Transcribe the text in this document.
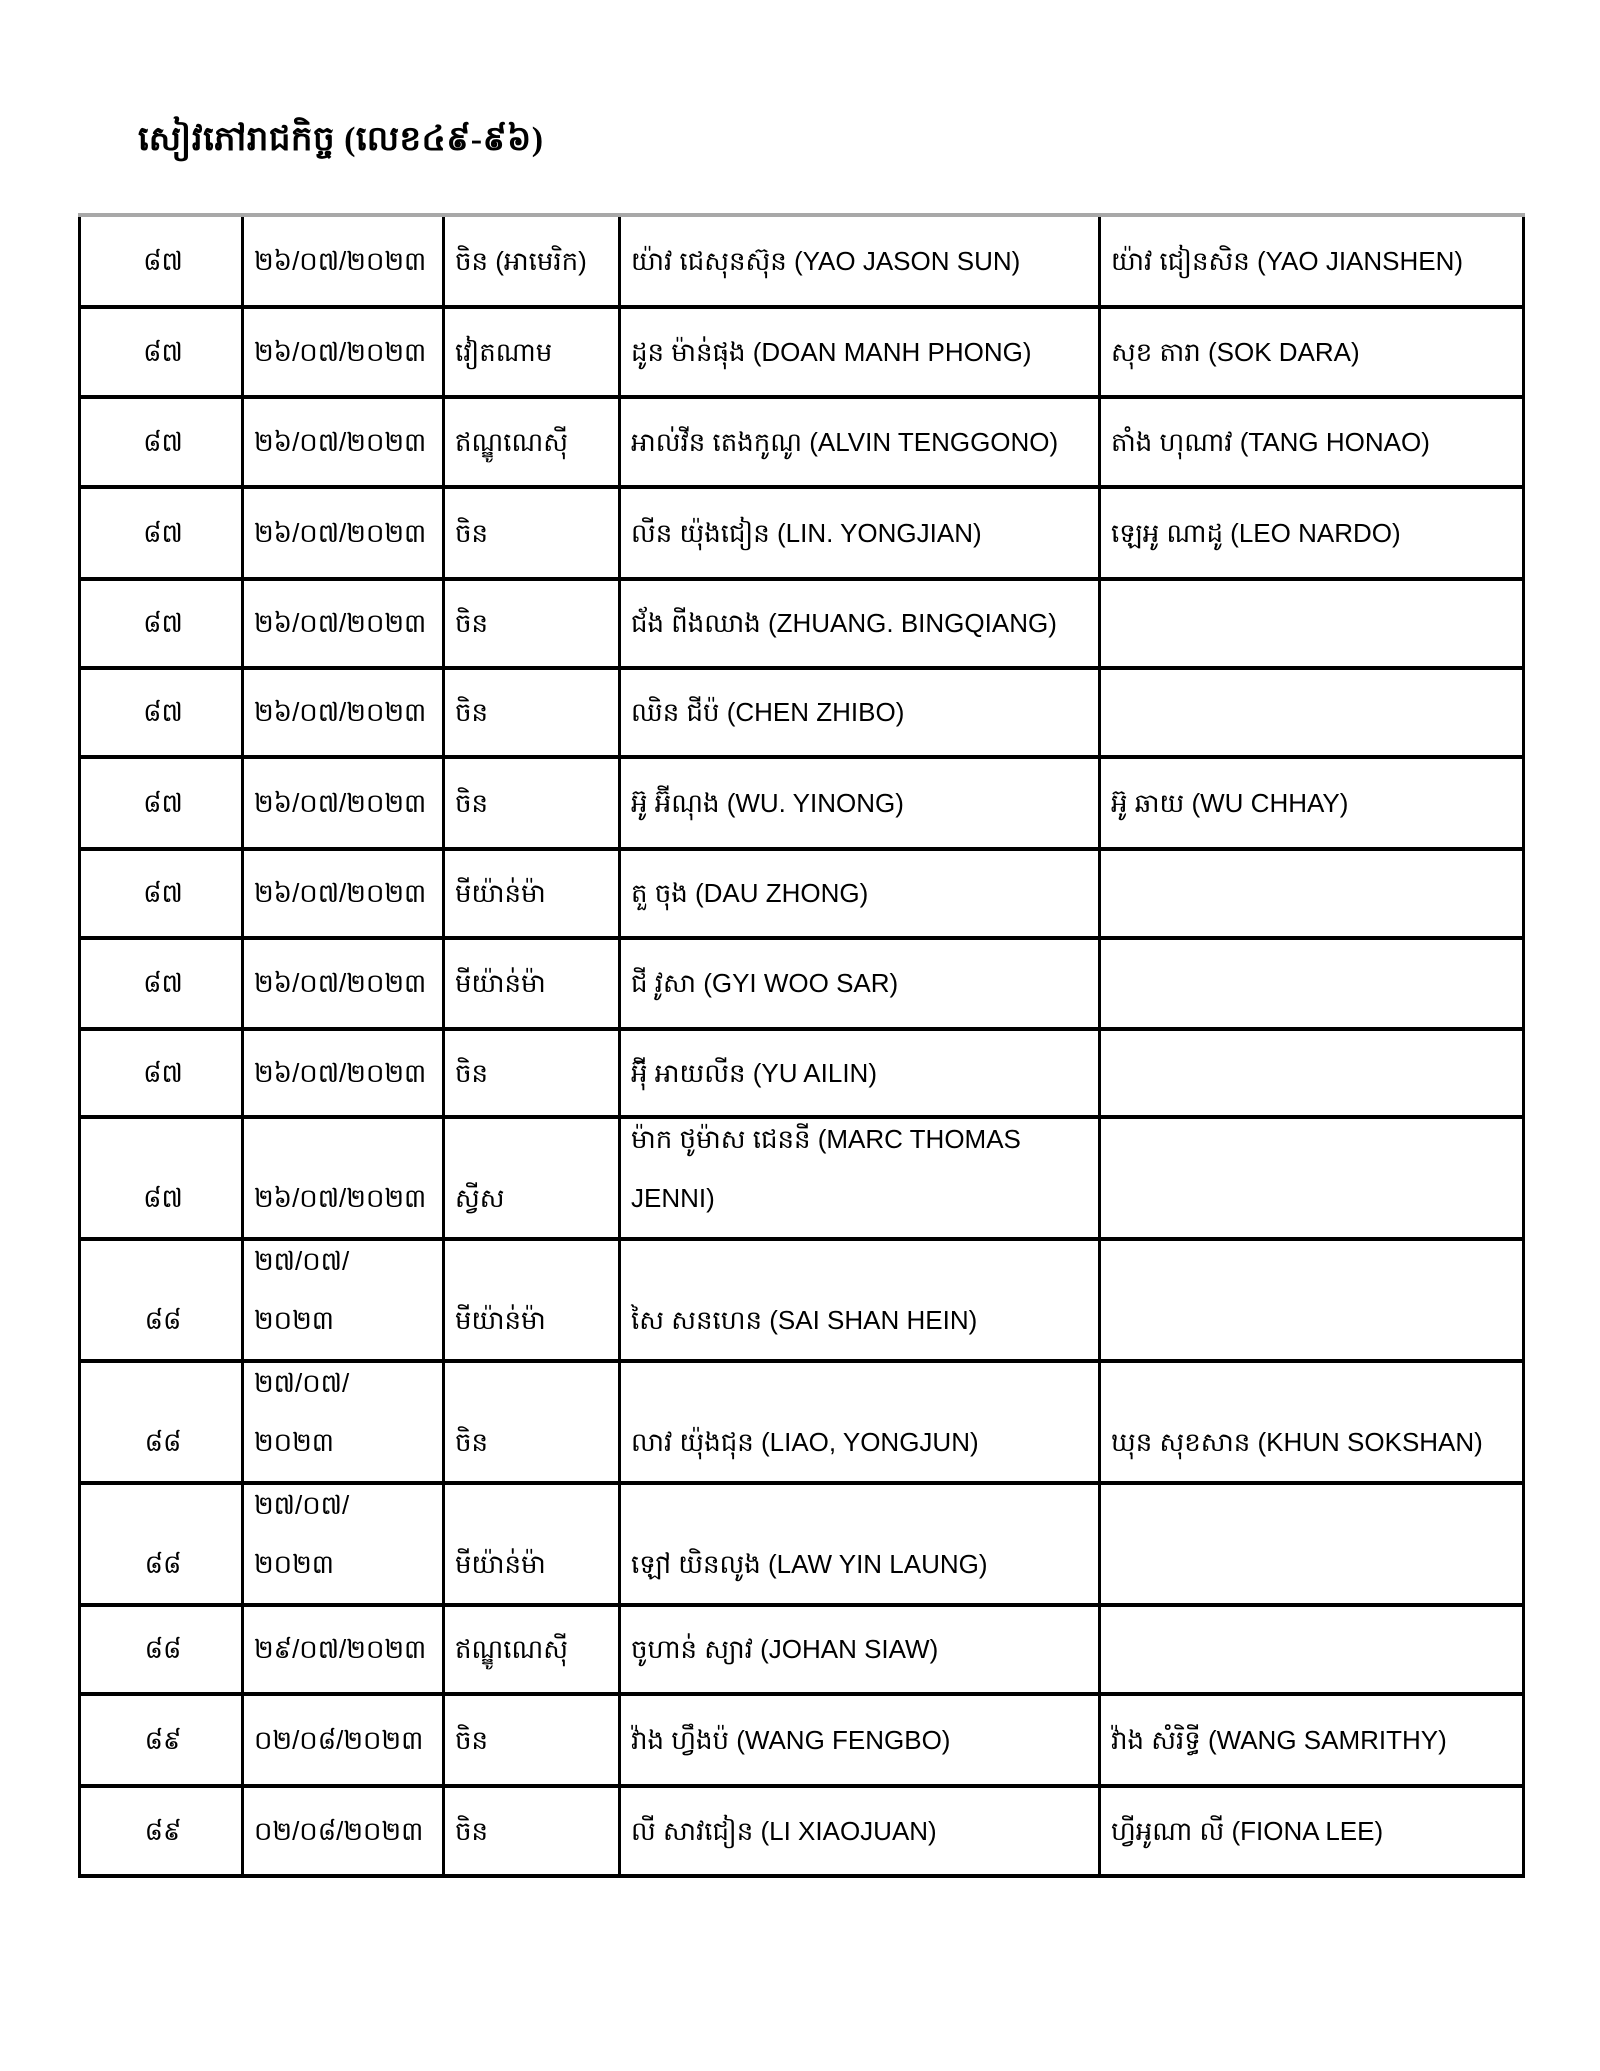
សៀវភៅរាជកិច្ច (លេខ៤៩-៩៦)
៨៧	២៦/០៧/២០២៣	ចិន (អាមេរិក)	យ៉ាវ ជេសុនស៊ុន (YAO JASON SUN)	យ៉ាវ ជៀនសិន (YAO JIANSHEN)

៨៧	២៦/០៧/២០២៣	វៀតណាម	ដូន ម៉ាន់ផុង (DOAN MANH PHONG)	សុខ តារា (SOK DARA)

៨៧	២៦/០៧/២០២៣	ឥណ្ឌូណេស៊ី	អាល់វីន តេងកូណូ (ALVIN TENGGONO)	តាំង ហុណាវ (TANG HONAO)

៨៧	២៦/០៧/២០២៣	ចិន	លីន យ៉ុងជៀន (LIN. YONGJIAN)	ឡេអូ ណាដូ (LEO NARDO)

៨៧	២៦/០៧/២០២៣	ចិន	ជ័ង ពីងឈាង (ZHUANG. BINGQIANG)	

៨៧	២៦/០៧/២០២៣	ចិន	ឈិន ជីប៉ (CHEN ZHIBO)	

៨៧	២៦/០៧/២០២៣	ចិន	អ៊ូ អ៊ីណុង (WU. YINONG)	អ៊ូ ឆាយ (WU CHHAY)

៨៧	២៦/០៧/២០២៣	មីយ៉ាន់ម៉ា	តួ ចុង (DAU ZHONG)	

៨៧	២៦/០៧/២០២៣	មីយ៉ាន់ម៉ា	ជី វូសា (GYI WOO SAR)	

៨៧	២៦/០៧/២០២៣	ចិន	អ៊ុី អាយលីន (YU AILIN)	

៨៧	២៦/០៧/២០២៣	ស្វីស	ម៉ាក ថូម៉ាស ជេននី (MARC THOMAS
JENNI)	

៨៨	២៧/០៧/
២០២៣	មីយ៉ាន់ម៉ា	សៃ សនហេន (SAI SHAN HEIN)	

៨៨	២៧/០៧/
២០២៣	ចិន	លាវ យ៉ុងជុន (LIAO, YONGJUN)	ឃុន សុខសាន (KHUN SOKSHAN)

៨៨	២៧/០៧/
២០២៣	មីយ៉ាន់ម៉ា	ឡៅ យិនលូង (LAW YIN LAUNG)	

៨៨	២៩/០៧/២០២៣	ឥណ្ឌូណេស៊ី	ចូហាន់ ស្យាវ (JOHAN SIAW)	

៨៩	០២/០៨/២០២៣	ចិន	វ៉ាង ហ្វឹងប៉ (WANG FENGBO)	វ៉ាង សំរិទ្ធី (WANG SAMRITHY)

៨៩	០២/០៨/២០២៣	ចិន	លី សាវជៀន (LI XIAOJUAN)	ហ្វីអូណា លី (FIONA LEE)
